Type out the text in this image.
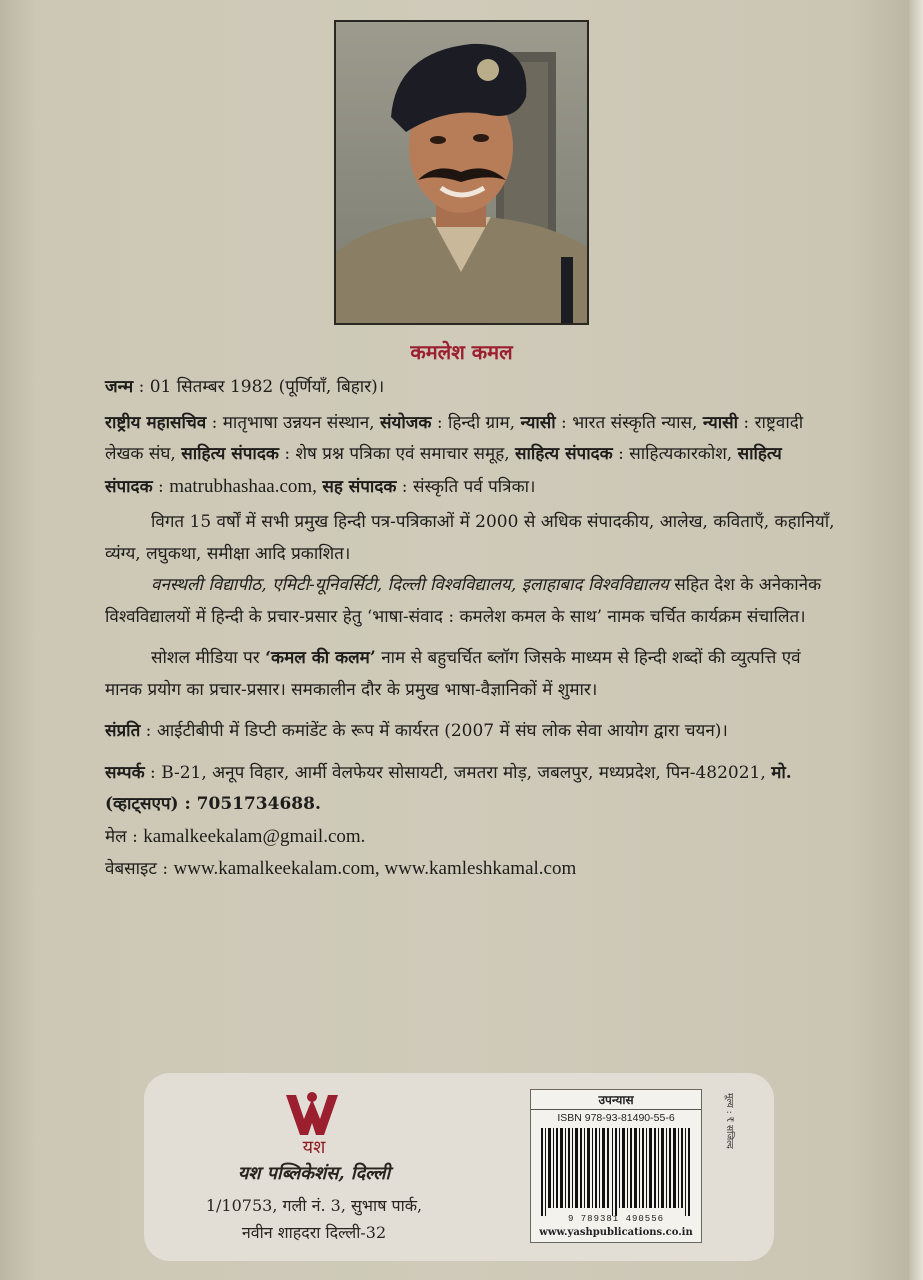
कमलेश कमल

जन्म : 01 सितम्बर 1982 (पूर्णियाँ, बिहार)।

राष्ट्रीय महासचिव : मातृभाषा उन्नयन संस्थान, संयोजक : हिन्दी ग्राम, न्यासी : भारत संस्कृति न्यास, न्यासी : राष्ट्रवादी लेखक संघ, साहित्य संपादक : शेष प्रश्न पत्रिका एवं समाचार समूह, साहित्य संपादक : साहित्यकारकोश, साहित्य संपादक : matrubhashaa.com, सह संपादक : संस्कृति पर्व पत्रिका।

विगत 15 वर्षों में सभी प्रमुख हिन्दी पत्र-पत्रिकाओं में 2000 से अधिक संपादकीय, आलेख, कविताएँ, कहानियाँ, व्यंग्य, लघुकथा, समीक्षा आदि प्रकाशित।

वनस्थली विद्यापीठ, एमिटी-यूनिवर्सिटी, दिल्ली विश्वविद्यालय, इलाहाबाद विश्वविद्यालय सहित देश के अनेकानेक विश्वविद्यालयों में हिन्दी के प्रचार-प्रसार हेतु ‘भाषा-संवाद : कमलेश कमल के साथ’ नामक चर्चित कार्यक्रम संचालित।

सोशल मीडिया पर ‘कमल की कलम’ नाम से बहुचर्चित ब्लॉग जिसके माध्यम से हिन्दी शब्दों की व्युत्पत्ति एवं मानक प्रयोग का प्रचार-प्रसार। समकालीन दौर के प्रमुख भाषा-वैज्ञानिकों में शुमार।

संप्रति : आईटीबीपी में डिप्टी कमांडेंट के रूप में कार्यरत (2007 में संघ लोक सेवा आयोग द्वारा चयन)।

सम्पर्क : B-21, अनूप विहार, आर्मी वेलफेयर सोसायटी, जमतरा मोड़, जबलपुर, मध्यप्रदेश, पिन-482021, मो. (व्हाट्सएप) : 7051734688.

मेल : kamalkeekalam@gmail.com.

वेबसाइट : www.kamalkeekalam.com, www.kamleshkamal.com

यश
यश पब्लिकेशंस, दिल्ली
1/10753, गली नं. 3, सुभाष पार्क,
नवीन शाहदरा दिल्ली-32
उपन्यास
ISBN 978-93-81490-55-6
9 789381 490556
www.yashpublications.co.in
मूल्य : ₹ सजिल्द
